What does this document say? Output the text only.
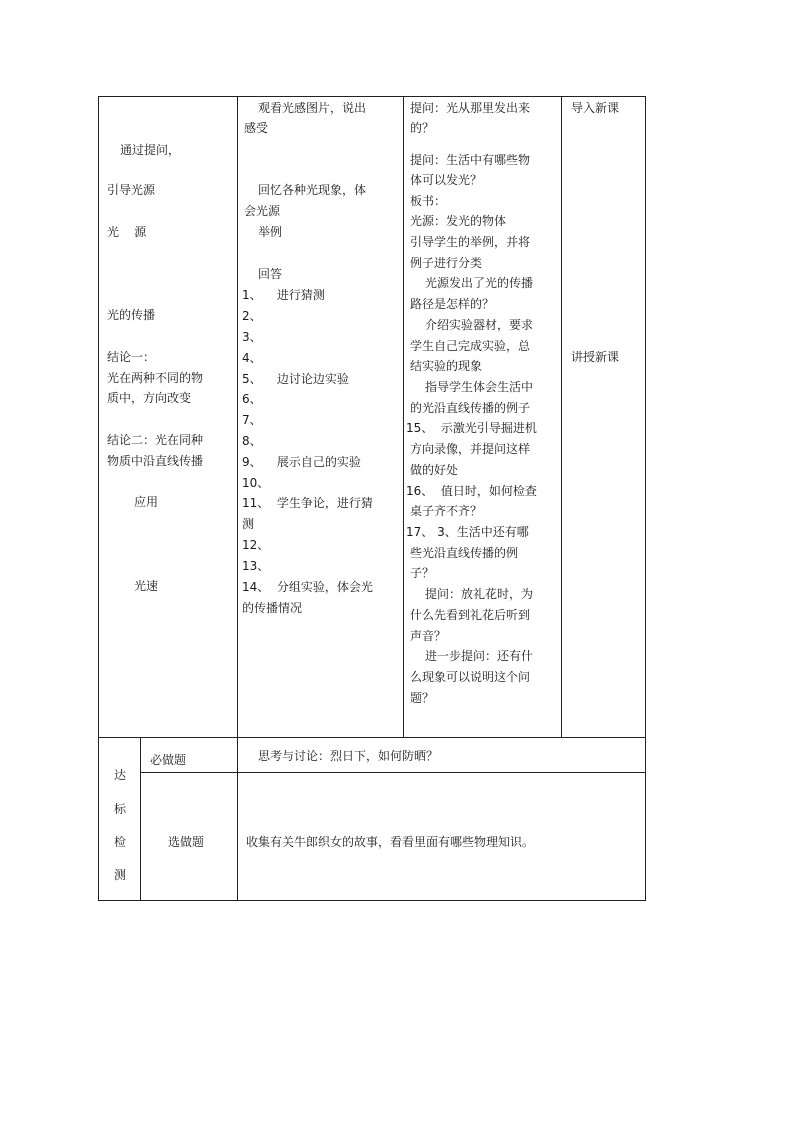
通过提问，
引导光源
光    源
光的传播
结论一：
光在两种不同的物
质中，方向改变
结论二：光在同种
物质中沿直线传播
应用
光速
观看光感图片，说出
感受
回忆各种光现象，体
会光源
举例
回答
1、    进行猜测
2、
3、
4、
5、    边讨论边实验
6、
7、
8、
9、    展示自己的实验
10、
11、  学生争论，进行猜
测
12、
13、
14、  分组实验，体会光
的传播情况
提问：光从那里发出来
的？
提问：生活中有哪些物
体可以发光？
板书：
光源：发光的物体
引导学生的举例，并将
例子进行分类
光源发出了光的传播
路径是怎样的？
介绍实验器材，要求
学生自己完成实验，总
结实验的现象
指导学生体会生活中
的光沿直线传播的例子
15、  示激光引导掘进机
方向录像，并提问这样
做的好处
16、  值日时，如何检查
桌子齐不齐？
17、 3、生活中还有哪
些光沿直线传播的例
子？
提问：放礼花时，为
什么先看到礼花后听到
声音？
进一步提问：还有什
么现象可以说明这个问
题？
导入新课
讲授新课
达
标
检
测
必做题	思考与讨论：烈日下，如何防晒？
选做题	收集有关牛郎织女的故事，看看里面有哪些物理知识。
